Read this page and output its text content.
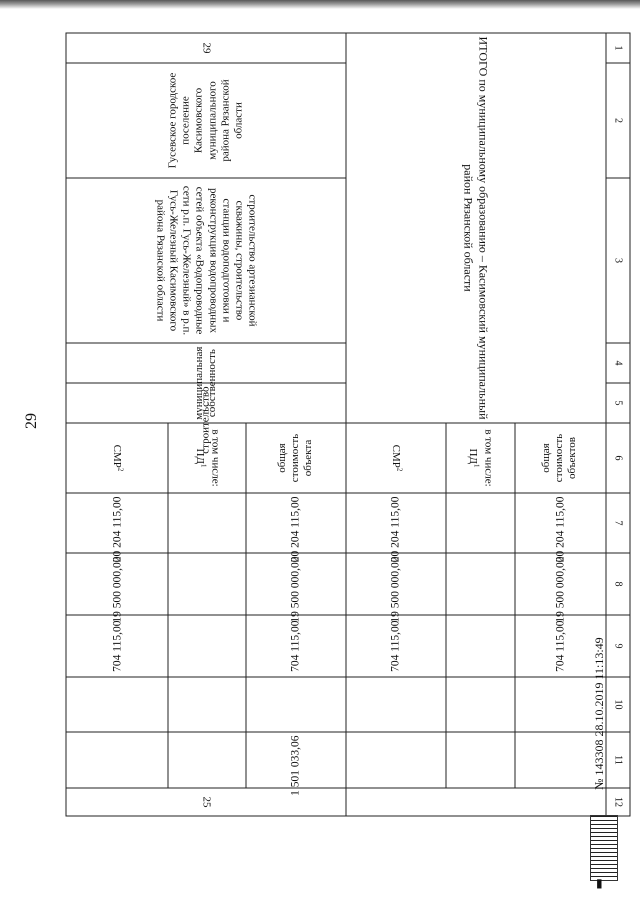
29
1	2	3	4	5	6	7	8	9	10	11	12
ИТОГО по муниципальному образованию – Касимовский муниципальный район Рязанской области					общая стоимость объектов	20 204 115,00	19 500 000,00	704 115,00			
					в том числе: $ПД^1$					
					СМР$^2$	20 204 115,00	19 500 000,00	704 115,00			
29	Гусевское городское поселение Касимовского муниципального района Рязанской области	строительство артезианской скважины, строительство станции водоподготовки и реконструкция водопроводных сетей объекта «Водопроводные сети р.п. Гусь-Железный» в р.п. Гусь-Железный Касимовского района Рязанской области	муниципальная собственность	строительство	общая стоимость объекта	20 204 115,00	19 500 000,00	704 115,00		1 501 033,06	25
					в том числе: $ПД^1$					
					СМР$^2$	20 204 115,00	19 500 000,00	704 115,00				№ 143308 28.10.2019 11:13:49
▮
